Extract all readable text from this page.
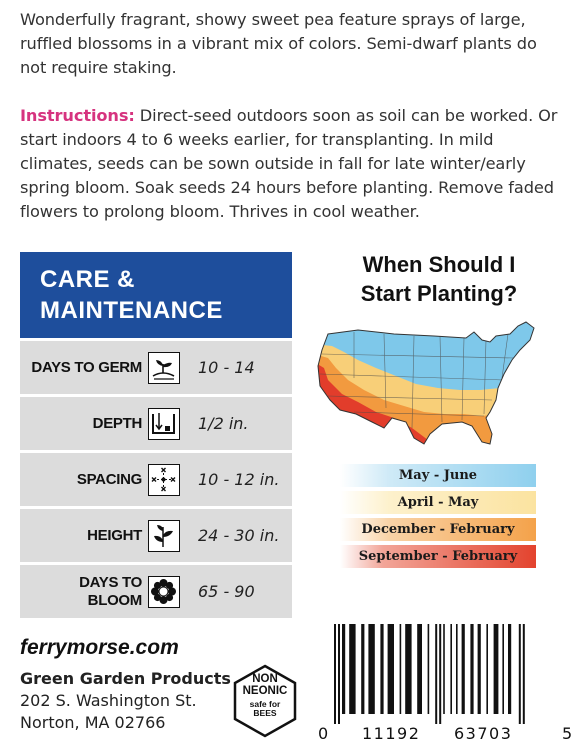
Wonderfully fragrant, showy sweet pea feature sprays of large, ruffled blossoms in a vibrant mix of colors. Semi-dwarf plants do not require staking.

Instructions: Direct-seed outdoors soon as soil can be worked. Or start indoors 4 to 6 weeks earlier, for transplanting. In mild climates, seeds can be sown outside in fall for late winter/early spring bloom. Soak seeds 24 hours before planting. Remove faded flowers to prolong bloom. Thrives in cool weather.

CARE &
MAINTENANCE
DAYS TO GERM	10 - 14
DEPTH	1/2 in.
SPACING	10 - 12 in.
HEIGHT	24 - 30 in.
DAYS TO
BLOOM	65 - 90
When Should I
Start Planting?
May - June
April - May
December - February
September - February
ferrymorse.com
Green Garden Products
202 S. Washington St.
Norton, MA 02766
NON
NEONIC
safe for
BEES
0 11192 63703	5
